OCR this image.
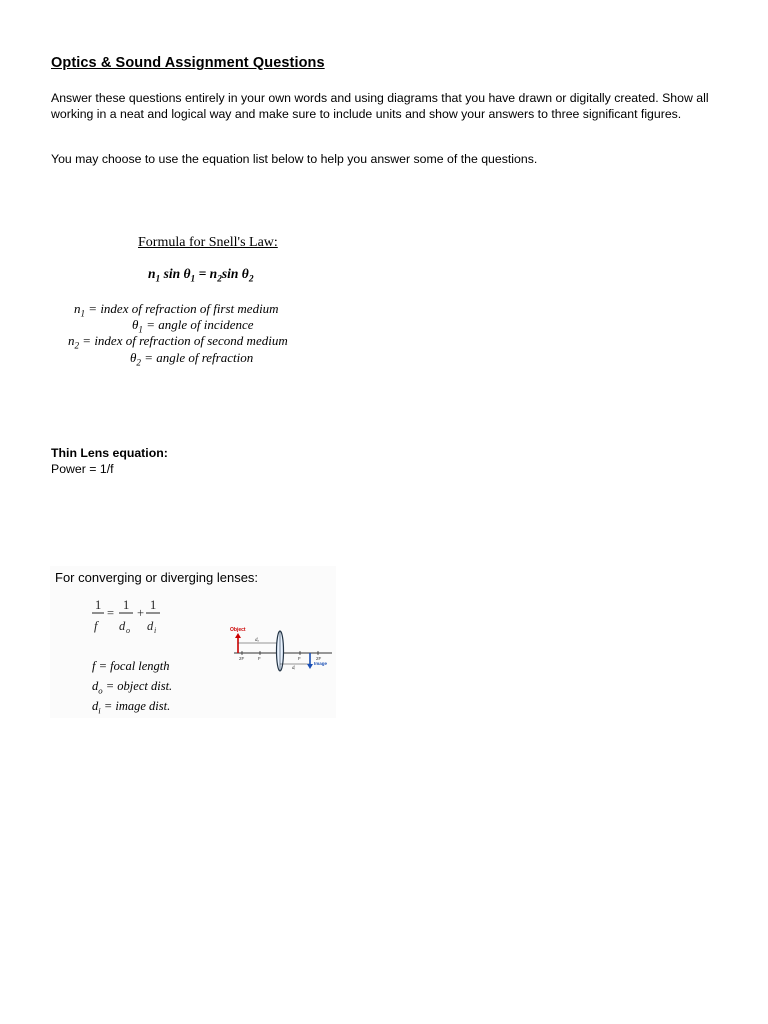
Optics & Sound Assignment Questions
Answer these questions entirely in your own words and using diagrams that you have drawn or digitally created. Show all working in a neat and logical way and make sure to include units and show your answers to three significant figures.
You may choose to use the equation list below to help you answer some of the questions.
Formula for Snell's Law:
$n_1$ $\sin \theta_1 = n_2\sin$ $\theta_2$
$n_1$ = index of refraction of first medium
$\theta_1$ = angle of incidence
$n_2$ = index of refraction of second medium
$\theta_2$ = angle of refraction
Thin Lens equation:
Power = 1/f
For converging or diverging lenses:
1
f
=
1
d o
+
1
d i
f = focal length
$d_o$ = object dist.
$d_i$ = image dist.
Object
dₒ
2F	F	F	2F
dᵢ
Image
